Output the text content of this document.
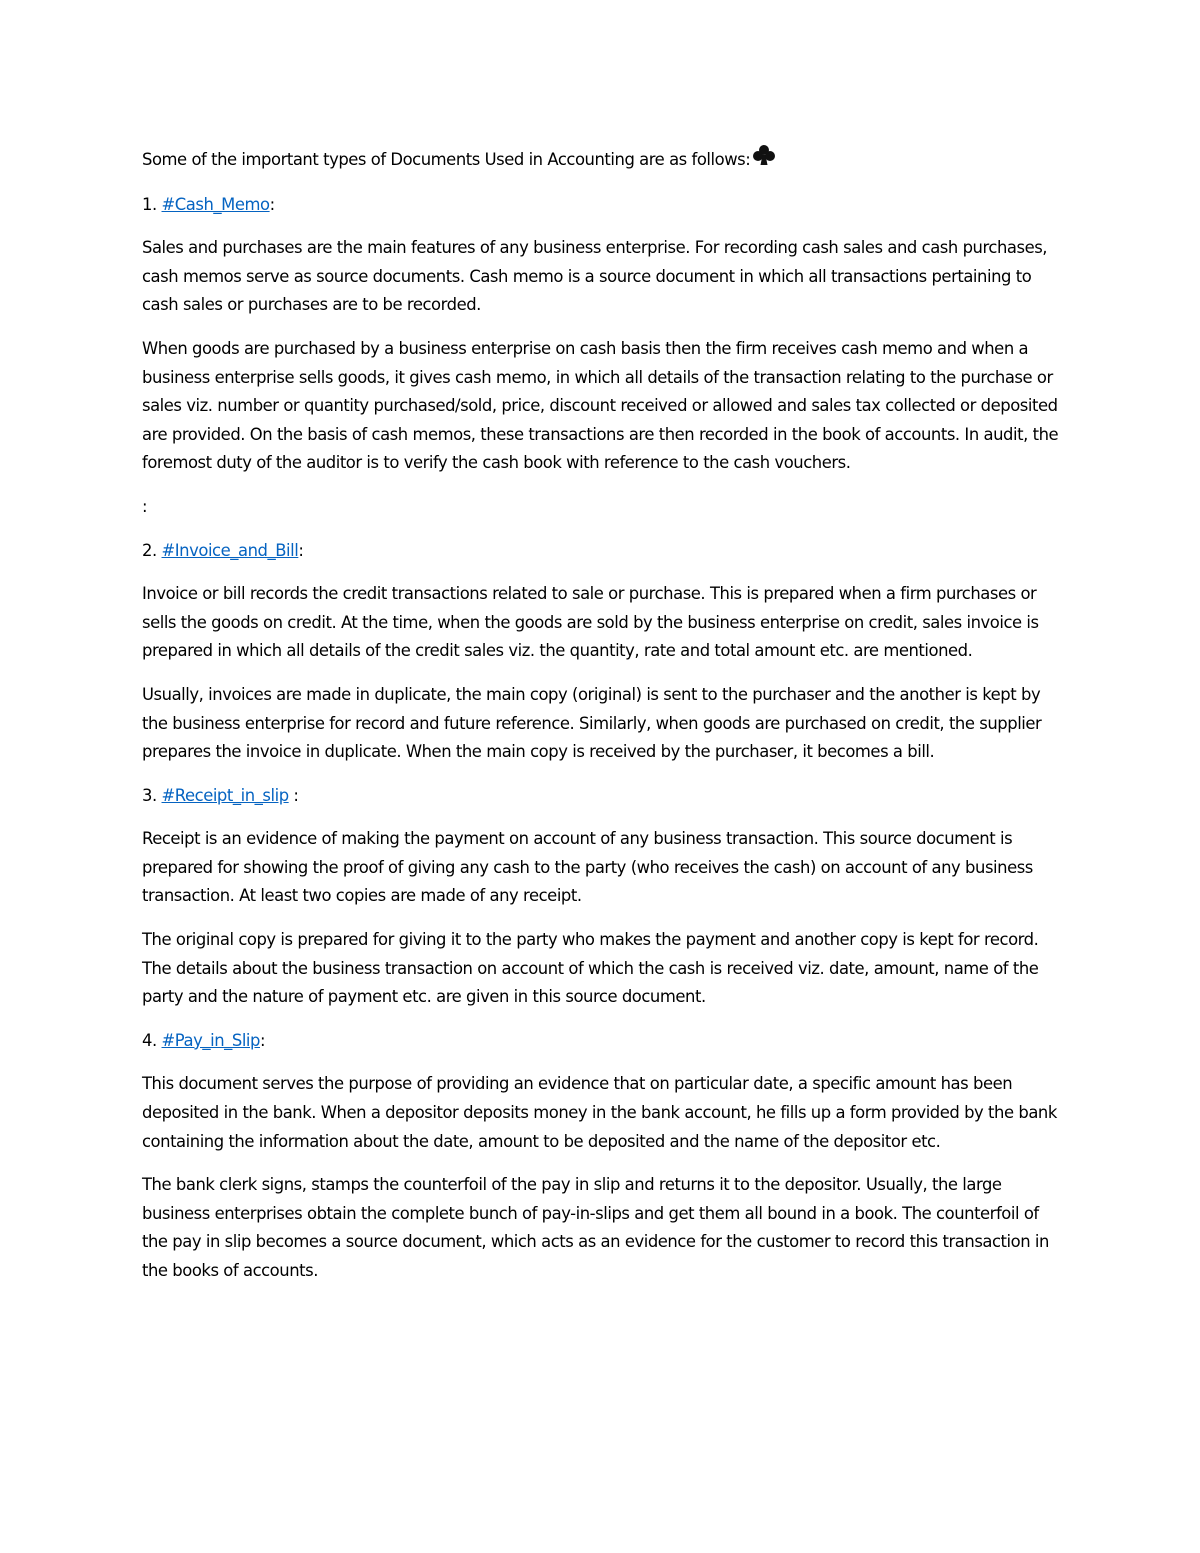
Some of the important types of Documents Used in Accounting are as follows:

1. #Cash_Memo:

Sales and purchases are the main features of any business enterprise. For recording cash sales and cash purchases, cash memos serve as source documents. Cash memo is a source document in which all transactions pertaining to cash sales or purchases are to be recorded.

When goods are purchased by a business enterprise on cash basis then the firm receives cash memo and when a business enterprise sells goods, it gives cash memo, in which all details of the transaction relating to the purchase or sales viz. number or quantity purchased/sold, price, discount received or allowed and sales tax collected or deposited are provided. On the basis of cash memos, these transactions are then recorded in the book of accounts. In audit, the foremost duty of the auditor is to verify the cash book with reference to the cash vouchers.

:

2. #Invoice_and_Bill:

Invoice or bill records the credit transactions related to sale or purchase. This is prepared when a firm purchases or sells the goods on credit. At the time, when the goods are sold by the business enterprise on credit, sales invoice is prepared in which all details of the credit sales viz. the quantity, rate and total amount etc. are mentioned.

Usually, invoices are made in duplicate, the main copy (original) is sent to the purchaser and the another is kept by the business enterprise for record and future reference. Similarly, when goods are purchased on credit, the supplier prepares the invoice in duplicate. When the main copy is received by the purchaser, it becomes a bill.

3. #Receipt_in_slip :

Receipt is an evidence of making the payment on account of any business transaction. This source document is prepared for showing the proof of giving any cash to the party (who receives the cash) on account of any business transaction. At least two copies are made of any receipt.

The original copy is prepared for giving it to the party who makes the payment and another copy is kept for record. The details about the business transaction on account of which the cash is received viz. date, amount, name of the party and the nature of payment etc. are given in this source document.

4. #Pay_in_Slip:

This document serves the purpose of providing an evidence that on particular date, a specific amount has been deposited in the bank. When a depositor deposits money in the bank account, he fills up a form provided by the bank containing the information about the date, amount to be deposited and the name of the depositor etc.

The bank clerk signs, stamps the counterfoil of the pay in slip and returns it to the depositor. Usually, the large business enterprises obtain the complete bunch of pay-in-slips and get them all bound in a book. The counterfoil of the pay in slip becomes a source document, which acts as an evidence for the customer to record this transaction in the books of accounts.
